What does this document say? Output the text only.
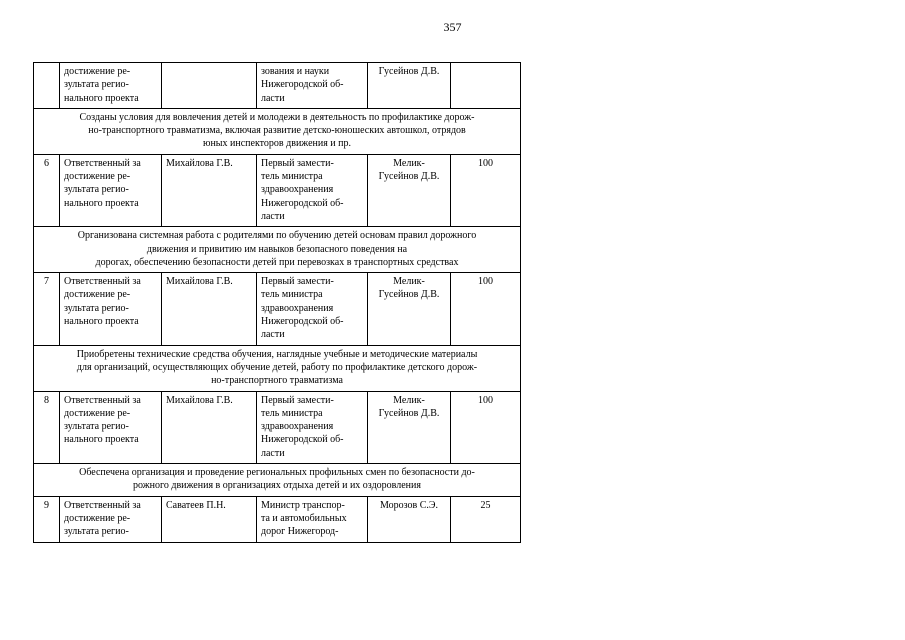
357
	достижение ре-
зультата регио-
нального проекта		зования и науки
Нижегородской об-
ласти	Гусейнов Д.В.	
Созданы условия для вовлечения детей и молодежи в деятельность по профилактике дорож-
но-транспортного травматизма, включая развитие детско-юношеских автошкол, отрядов
юных инспекторов движения и пр.					
6	Ответственный за
достижение ре-
зультата регио-
нального проекта	Михайлова Г.В.	Первый замести-
тель министра
здравоохранения
Нижегородской об-
ласти	Мелик-
Гусейнов Д.В.	100
Организована системная работа с родителями по обучению детей основам правил дорожного
движения и привитию им навыков безопасного поведения на
дорогах, обеспечению безопасности детей при перевозках в транспортных средствах					
7	Ответственный за
достижение ре-
зультата регио-
нального проекта	Михайлова Г.В.	Первый замести-
тель министра
здравоохранения
Нижегородской об-
ласти	Мелик-
Гусейнов Д.В.	100
Приобретены технические средства обучения, наглядные учебные и методические материалы
для организаций, осуществляющих обучение детей, работу по профилактике детского дорож-
но-транспортного травматизма					
8	Ответственный за
достижение ре-
зультата регио-
нального проекта	Михайлова Г.В.	Первый замести-
тель министра
здравоохранения
Нижегородской об-
ласти	Мелик-
Гусейнов Д.В.	100
Обеспечена организация и проведение региональных профильных смен по безопасности до-
рожного движения в организациях отдыха детей и их оздоровления					
9	Ответственный за
достижение ре-
зультата регио-	Саватеев П.Н.	Министр транспор-
та и автомобильных
дорог Нижегород-	Морозов С.Э.	25
